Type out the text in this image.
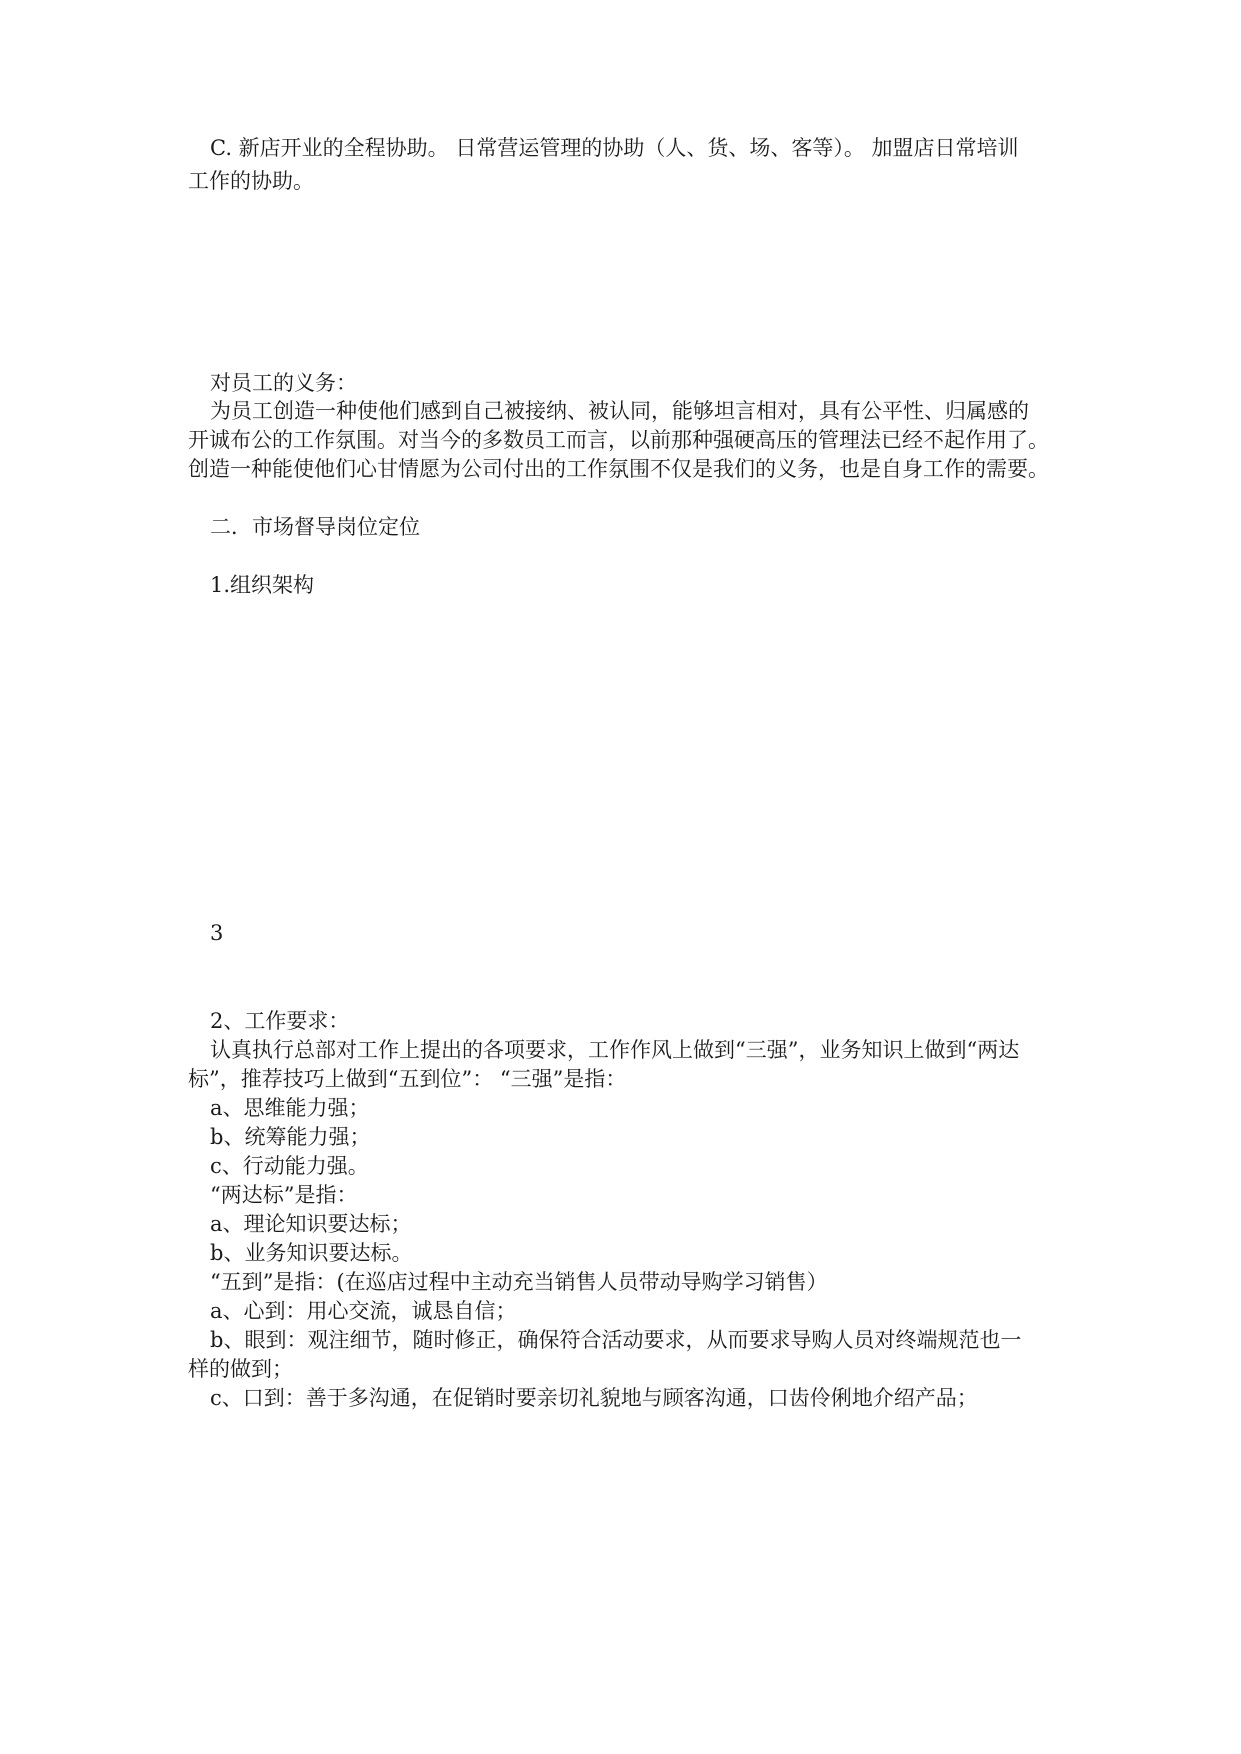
C. 新店开业的全程协助。 日常营运管理的协助（人、货、场、客等）。 加盟店日常培训
工作的协助。
对员工的义务：
为员工创造一种使他们感到自己被接纳、被认同，能够坦言相对，具有公平性、归属感的
开诚布公的工作氛围。对当今的多数员工而言，以前那种强硬高压的管理法已经不起作用了。
创造一种能使他们心甘情愿为公司付出的工作氛围不仅是我们的义务，也是自身工作的需要。
二．市场督导岗位定位
1.组织架构
3
2、工作要求：
认真执行总部对工作上提出的各项要求，工作作风上做到“三强”，业务知识上做到“两达
标”，推荐技巧上做到“五到位”： “三强”是指：
a、思维能力强；
b、统筹能力强；
c、行动能力强。
“两达标”是指：
a、理论知识要达标；
b、业务知识要达标。
“五到”是指：(在巡店过程中主动充当销售人员带动导购学习销售）
a、心到：用心交流，诚恳自信；
b、眼到：观注细节，随时修正，确保符合活动要求，从而要求导购人员对终端规范也一
样的做到；
c、口到：善于多沟通，在促销时要亲切礼貌地与顾客沟通，口齿伶俐地介绍产品；
